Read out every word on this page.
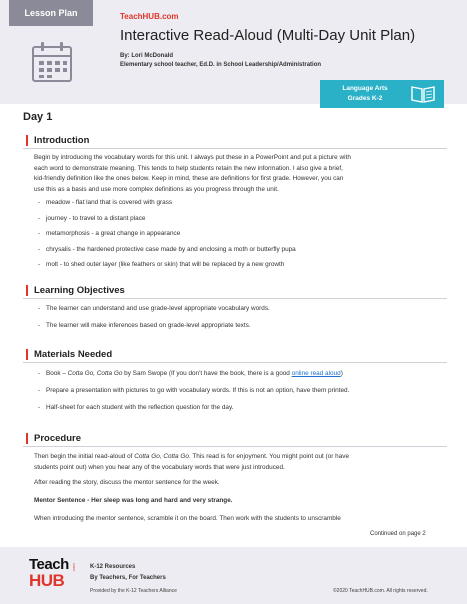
Lesson Plan	TeachHUB.com
Interactive Read-Aloud (Multi-Day Unit Plan)
By: Lori McDonald
Elementary school teacher, Ed.D. in School Leadership/Administration
Language Arts
Grades K-2
Day 1
Introduction
Begin by introducing the vocabulary words for this unit. I always put these in a PowerPoint and put a picture with
each word to demonstrate meaning. This tends to help students retain the new information. I also give a brief,
kid-friendly definition like the ones below. Keep in mind, these are definitions for first grade. However, you can
use this as a basis and use more complex definitions as you progress through the unit.
- meadow - flat land that is covered with grass
- journey - to travel to a distant place
- metamorphosis - a great change in appearance
- chrysalis - the hardened protective case made by and enclosing a moth or butterfly pupa
- molt - to shed outer layer (like feathers or skin) that will be replaced by a new growth
Learning Objectives
- The learner can understand and use grade-level appropriate vocabulary words.
- The learner will make inferences based on grade-level appropriate texts.
Materials Needed
- Book – Cotta Go, Cotta Go by Sam Swope (If you don't have the book, there is a good online read aloud)
- Prepare a presentation with pictures to go with vocabulary words. If this is not an option, have them printed.
- Half-sheet for each student with the reflection question for the day.
Procedure
Then begin the initial read-aloud of Cotta Go, Cotta Go. This read is for enjoyment. You might point out (or have
students point out) when you hear any of the vocabulary words that were just introduced.
After reading the story, discuss the mentor sentence for the week.
Mentor Sentence - Her sleep was long and hard and very strange.
When introducing the mentor sentence, scramble it on the board. Then work with the students to unscramble
Continued on page 2
Teach
HUB
.com K-12 Resources
By Teachers, For Teachers
Provided by the K-12 Teachers Alliance	©2020 TeachHUB.com. All rights reserved.
